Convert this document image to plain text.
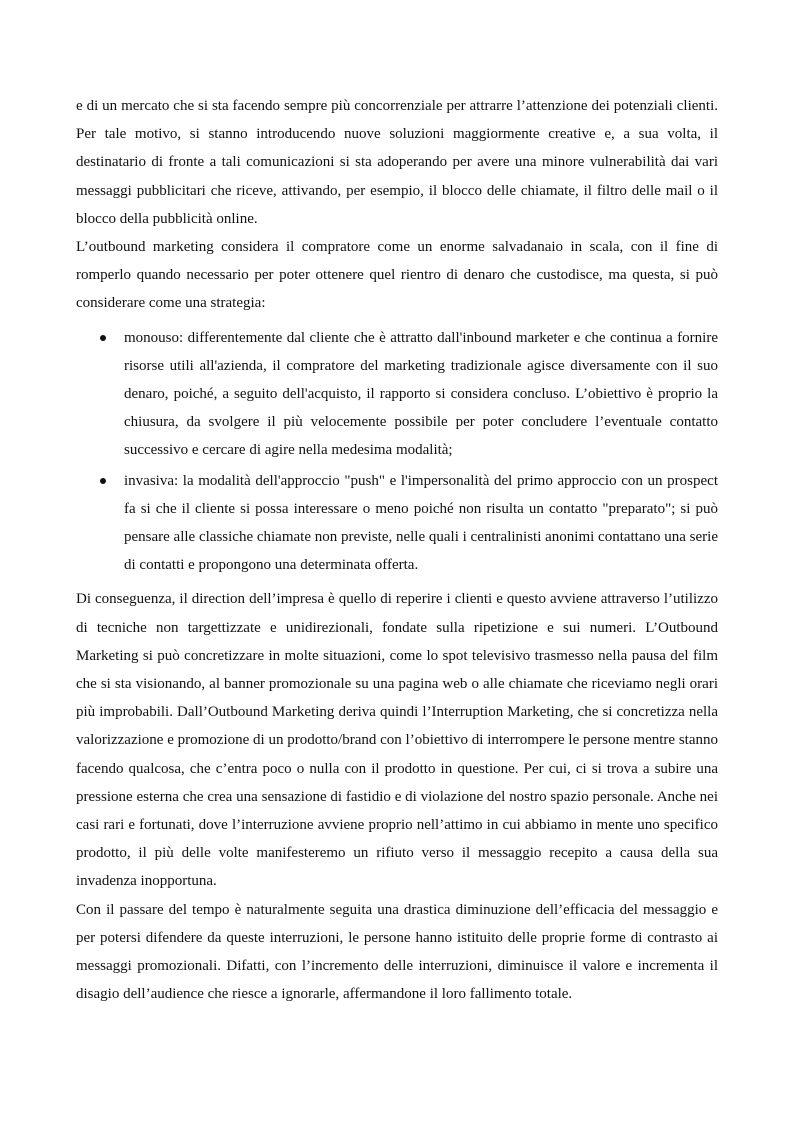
e di un mercato che si sta facendo sempre più concorrenziale per attrarre l’attenzione dei potenziali clienti. Per tale motivo, si stanno introducendo nuove soluzioni maggiormente creative e, a sua volta, il destinatario di fronte a tali comunicazioni si sta adoperando per avere una minore vulnerabilità dai vari messaggi pubblicitari che riceve, attivando, per esempio, il blocco delle chiamate, il filtro delle mail o il blocco della pubblicità online.

L’outbound marketing considera il compratore come un enorme salvadanaio in scala, con il fine di romperlo quando necessario per poter ottenere quel rientro di denaro che custodisce, ma questa, si può considerare come una strategia:

monouso: differentemente dal cliente che è attratto dall'inbound marketer e che continua a fornire risorse utili all'azienda, il compratore del marketing tradizionale agisce diversamente con il suo denaro, poiché, a seguito dell'acquisto, il rapporto si considera concluso. L’obiettivo è proprio la chiusura, da svolgere il più velocemente possibile per poter concludere l’eventuale contatto successivo e cercare di agire nella medesima modalità;
invasiva: la modalità dell'approccio "push" e l'impersonalità del primo approccio con un prospect fa si che il cliente si possa interessare o meno poiché non risulta un contatto "preparato"; si può pensare alle classiche chiamate non previste, nelle quali i centralinisti anonimi contattano una serie di contatti e propongono una determinata offerta.

Di conseguenza, il direction dell’impresa è quello di reperire i clienti e questo avviene attraverso l’utilizzo di tecniche non targettizzate e unidirezionali, fondate sulla ripetizione e sui numeri. L’Outbound Marketing si può concretizzare in molte situazioni, come lo spot televisivo trasmesso nella pausa del film che si sta visionando, al banner promozionale su una pagina web o alle chiamate che riceviamo negli orari più improbabili. Dall’Outbound Marketing deriva quindi l’Interruption Marketing, che si concretizza nella valorizzazione e promozione di un prodotto/brand con l’obiettivo di interrompere le persone mentre stanno facendo qualcosa, che c’entra poco o nulla con il prodotto in questione. Per cui, ci si trova a subire una pressione esterna che crea una sensazione di fastidio e di violazione del nostro spazio personale. Anche nei casi rari e fortunati, dove l’interruzione avviene proprio nell’attimo in cui abbiamo in mente uno specifico prodotto, il più delle volte manifesteremo un rifiuto verso il messaggio recepito a causa della sua invadenza inopportuna.

Con il passare del tempo è naturalmente seguita una drastica diminuzione dell’efficacia del messaggio e per potersi difendere da queste interruzioni, le persone hanno istituito delle proprie forme di contrasto ai messaggi promozionali. Difatti, con l’incremento delle interruzioni, diminuisce il valore e incrementa il disagio dell’audience che riesce a ignorarle, affermandone il loro fallimento totale.
